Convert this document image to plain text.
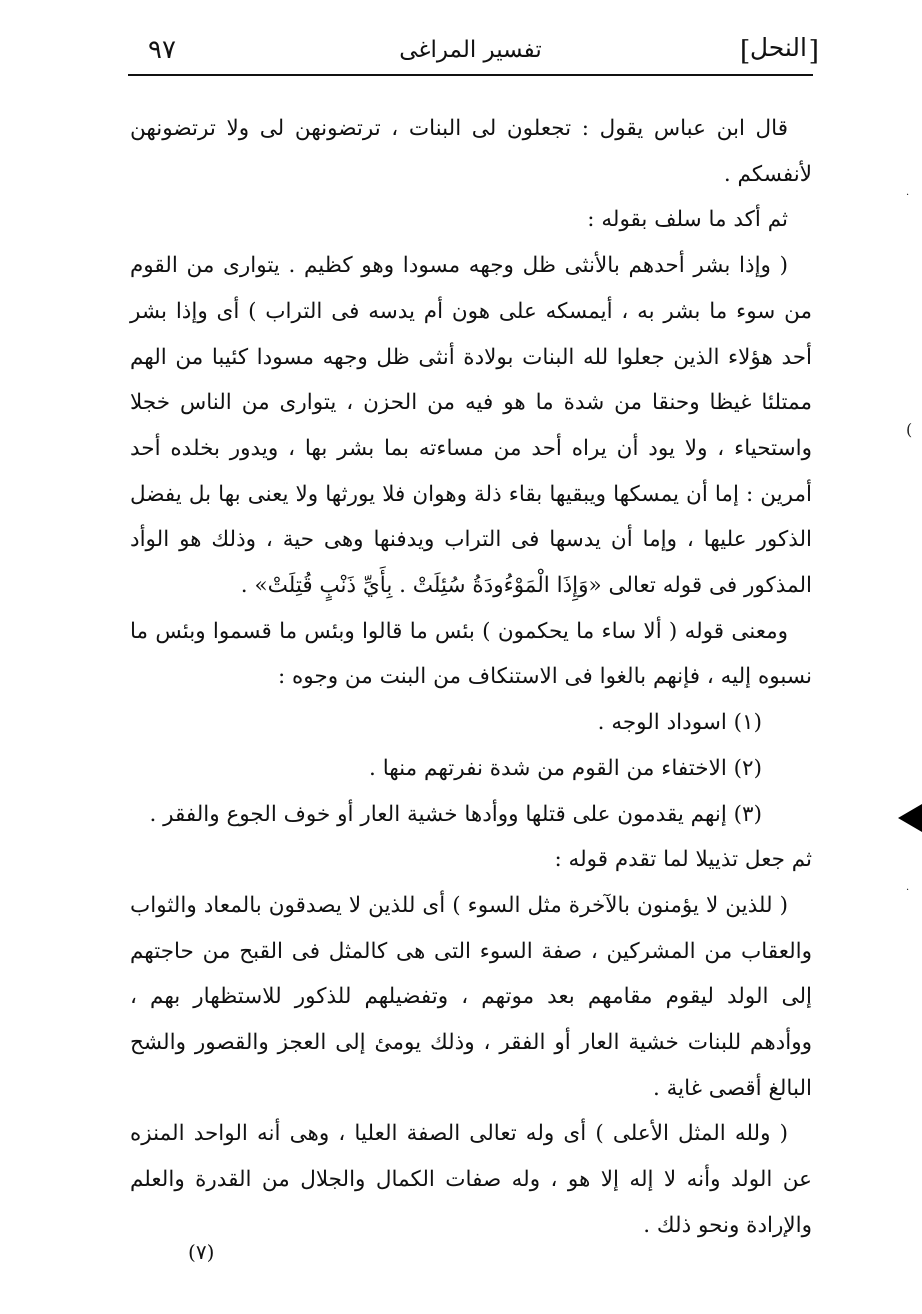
[
النحل
]
تفسير المراغى
٩٧

قال ابن عباس يقول : تجعلون لى البنات ، ترتضونهن لى ولا ترتضونهن لأنفسكم .

ثم أكد ما سلف بقوله :

( وإذا بشر أحدهم بالأنثى ظل وجهه مسودا وهو كظيم . يتوارى من القوم من سوء ما بشر به ، أيمسكه على هون أم يدسه فى التراب ) أى وإذا بشر أحد هؤلاء الذين جعلوا لله البنات بولادة أنثى ظل وجهه مسودا كئيبا من الهم ممتلئا غيظا وحنقا من شدة ما هو فيه من الحزن ، يتوارى من الناس خجلا واستحياء ، ولا يود أن يراه أحد من مساءته بما بشر بها ، ويدور بخلده أحد أمرين : إما أن يمسكها ويبقيها بقاء ذلة وهوان فلا يورثها ولا يعنى بها بل يفضل الذكور عليها ، وإما أن يدسها فى التراب ويدفنها وهى حية ، وذلك هو الوأد المذكور فى قوله تعالى «وَإِذَا الْمَوْءُودَةُ سُئِلَتْ . بِأَيِّ ذَنْبٍ قُتِلَتْ» .

ومعنى قوله ( ألا ساء ما يحكمون ) بئس ما قالوا وبئس ما قسموا وبئس ما نسبوه إليه ، فإنهم بالغوا فى الاستنكاف من البنت من وجوه :

(١) اسوداد الوجه .

(٢) الاختفاء من القوم من شدة نفرتهم منها .

(٣) إنهم يقدمون على قتلها ووأدها خشية العار أو خوف الجوع والفقر .

ثم جعل تذييلا لما تقدم قوله :

( للذين لا يؤمنون بالآخرة مثل السوء ) أى للذين لا يصدقون بالمعاد والثواب والعقاب من المشركين ، صفة السوء التى هى كالمثل فى القبح من حاجتهم إلى الولد ليقوم مقامهم بعد موتهم ، وتفضيلهم للذكور للاستظهار بهم ، ووأدهم للبنات خشية العار أو الفقر ، وذلك يومئ إلى العجز والقصور والشح البالغ أقصى غاية .

( ولله المثل الأعلى ) أى وله تعالى الصفة العليا ، وهى أنه الواحد المنزه عن الولد وأنه لا إله إلا هو ، وله صفات الكمال والجلال من القدرة والعلم والإرادة ونحو ذلك .

(٧)
(
·
·
